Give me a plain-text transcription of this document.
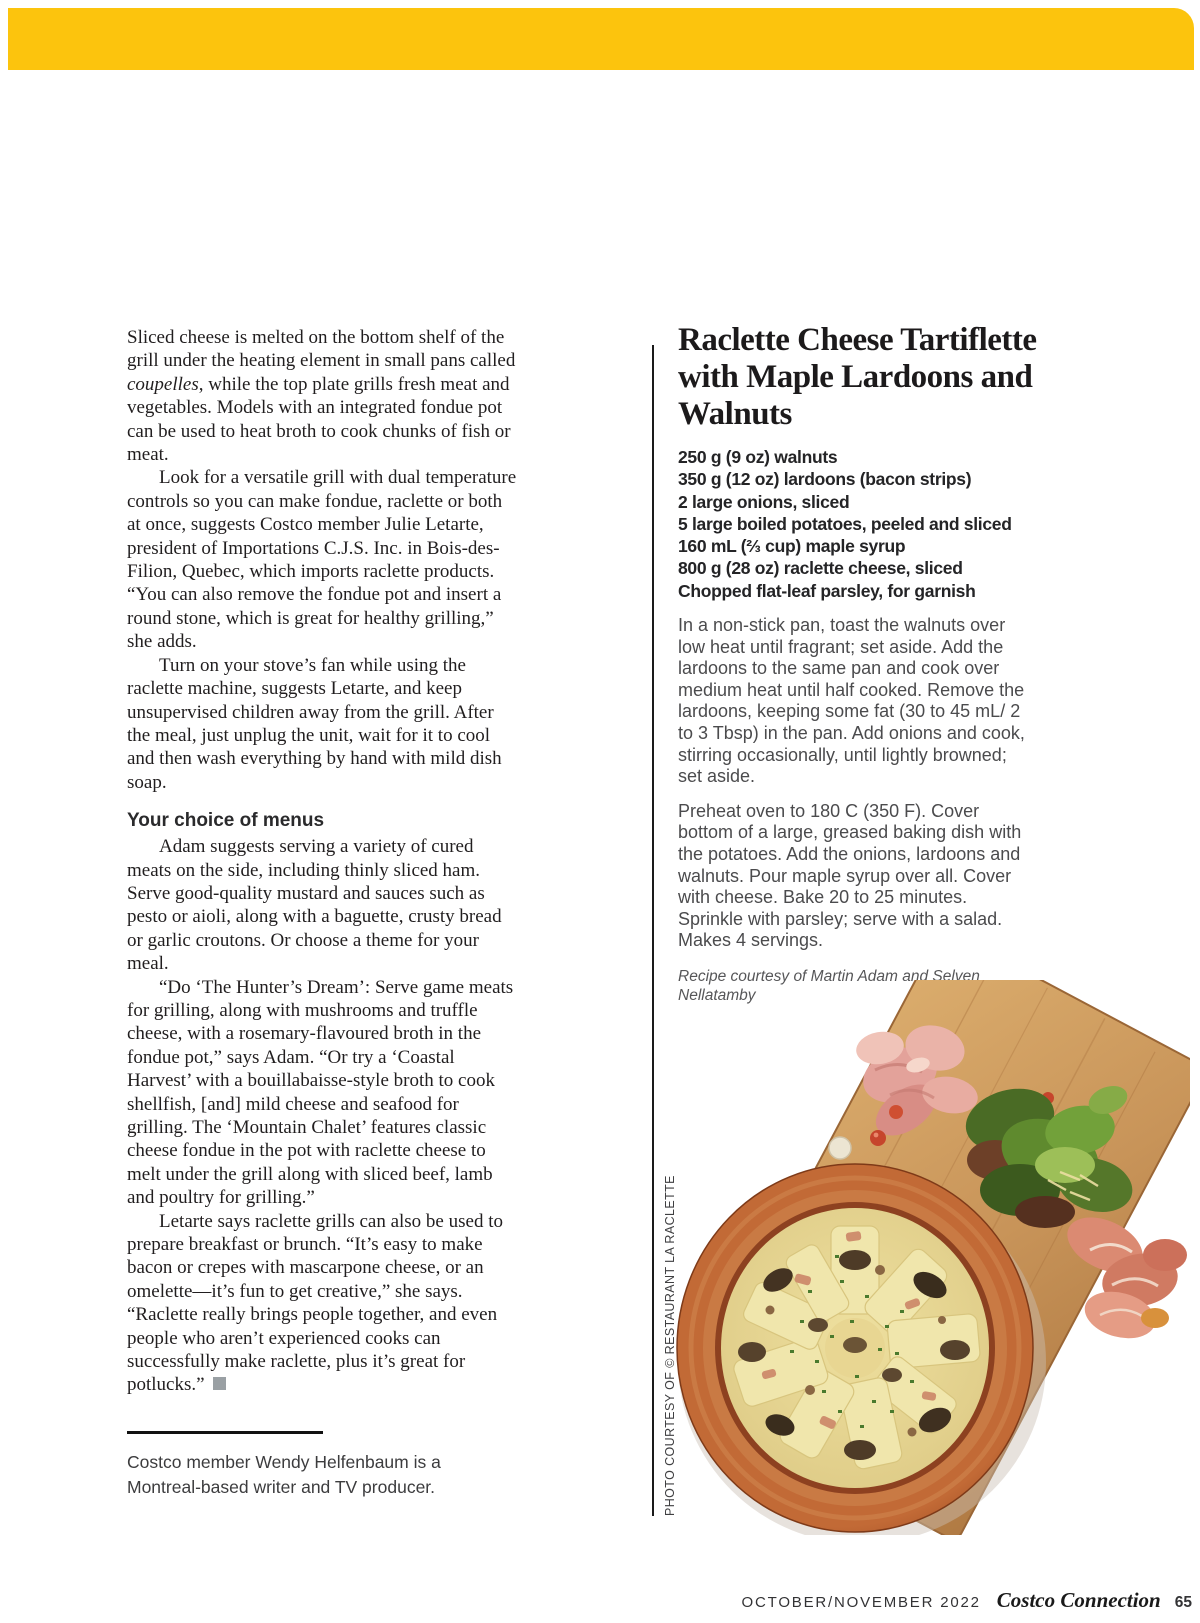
Sliced cheese is melted on the bottom shelf of the grill under the heating element in small pans called coupelles, while the top plate grills fresh meat and vegetables. Models with an integrated fondue pot can be used to heat broth to cook chunks of fish or meat.

Look for a versatile grill with dual temperature controls so you can make fondue, raclette or both at once, suggests Costco member Julie Letarte, president of Importations C.J.S. Inc. in Bois-des-Filion, Quebec, which imports raclette products. “You can also remove the fondue pot and insert a round stone, which is great for healthy grilling,” she adds.

Turn on your stove’s fan while using the raclette machine, suggests Letarte, and keep unsupervised children away from the grill. After the meal, just unplug the unit, wait for it to cool and then wash everything by hand with mild dish soap.

Your choice of menus

Adam suggests serving a variety of cured meats on the side, including thinly sliced ham. Serve good-quality mustard and sauces such as pesto or aioli, along with a baguette, crusty bread or garlic croutons. Or choose a theme for your meal.

“Do ‘The Hunter’s Dream’: Serve game meats for grilling, along with mushrooms and truffle cheese, with a rosemary-flavoured broth in the fondue pot,” says Adam. “Or try a ‘Coastal Harvest’ with a bouillabaisse-style broth to cook shellfish, [and] mild cheese and seafood for grilling. The ‘Mountain Chalet’ features classic cheese fondue in the pot with raclette cheese to melt under the grill along with sliced beef, lamb and poultry for grilling.”

Letarte says raclette grills can also be used to prepare breakfast or brunch. “It’s easy to make bacon or crepes with mascarpone cheese, or an omelette—it’s fun to get creative,” she says. “Raclette really brings people together, and even people who aren’t experienced cooks can successfully make raclette, plus it’s great for potlucks.”

Costco member Wendy Helfenbaum is a Montreal-based writer and TV producer.

Raclette Cheese Tartiflette with Maple Lardoons and Walnuts
250 g (9 oz) walnuts
350 g (12 oz) lardoons (bacon strips)
2 large onions, sliced
5 large boiled potatoes, peeled and sliced
160 mL (⅔ cup) maple syrup
800 g (28 oz) raclette cheese, sliced
Chopped flat-leaf parsley, for garnish

In a non-stick pan, toast the walnuts over low heat until fragrant; set aside. Add the lardoons to the same pan and cook over medium heat until half cooked. Remove the lardoons, keeping some fat (30 to 45 mL/ 2 to 3 Tbsp) in the pan. Add onions and cook, stirring occasionally, until lightly browned; set aside.

Preheat oven to 180 C (350 F). Cover bottom of a large, greased baking dish with the potatoes. Add the onions, lardoons and walnuts. Pour maple syrup over all. Cover with cheese. Bake 20 to 25 minutes. Sprinkle with parsley; serve with a salad. Makes 4 servings.

Recipe courtesy of Martin Adam and Selven Nellatamby

PHOTO COURTESY OF © RESTAURANT LA RACLETTE
OCTOBER/NOVEMBER 2022 Costco Connection 65
